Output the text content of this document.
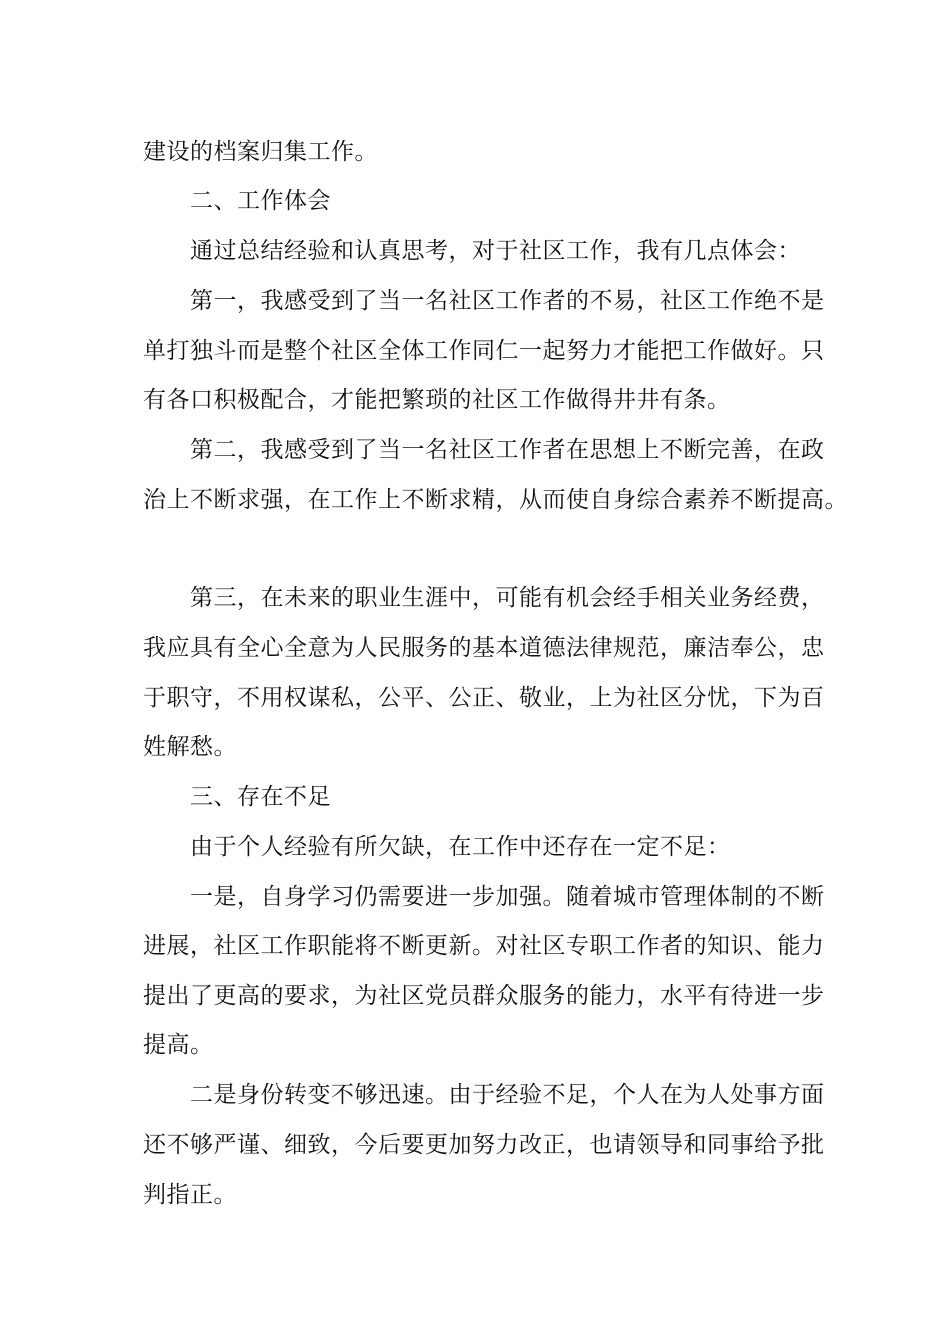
建设的档案归集工作。
二、工作体会
通过总结经验和认真思考，对于社区工作，我有几点体会：
第一，我感受到了当一名社区工作者的不易，社区工作绝不是
单打独斗而是整个社区全体工作同仁一起努力才能把工作做好。只
有各口积极配合，才能把繁琐的社区工作做得井井有条。
第二，我感受到了当一名社区工作者在思想上不断完善，在政
治上不断求强，在工作上不断求精，从而使自身综合素养不断提高。
第三，在未来的职业生涯中，可能有机会经手相关业务经费，
我应具有全心全意为人民服务的基本道德法律规范，廉洁奉公，忠
于职守，不用权谋私，公平、公正、敬业，上为社区分忧，下为百
姓解愁。
三、存在不足
由于个人经验有所欠缺，在工作中还存在一定不足：
一是，自身学习仍需要进一步加强。随着城市管理体制的不断
进展，社区工作职能将不断更新。对社区专职工作者的知识、能力
提出了更高的要求，为社区党员群众服务的能力，水平有待进一步
提高。
二是身份转变不够迅速。由于经验不足，个人在为人处事方面
还不够严谨、细致，今后要更加努力改正，也请领导和同事给予批
判指正。
